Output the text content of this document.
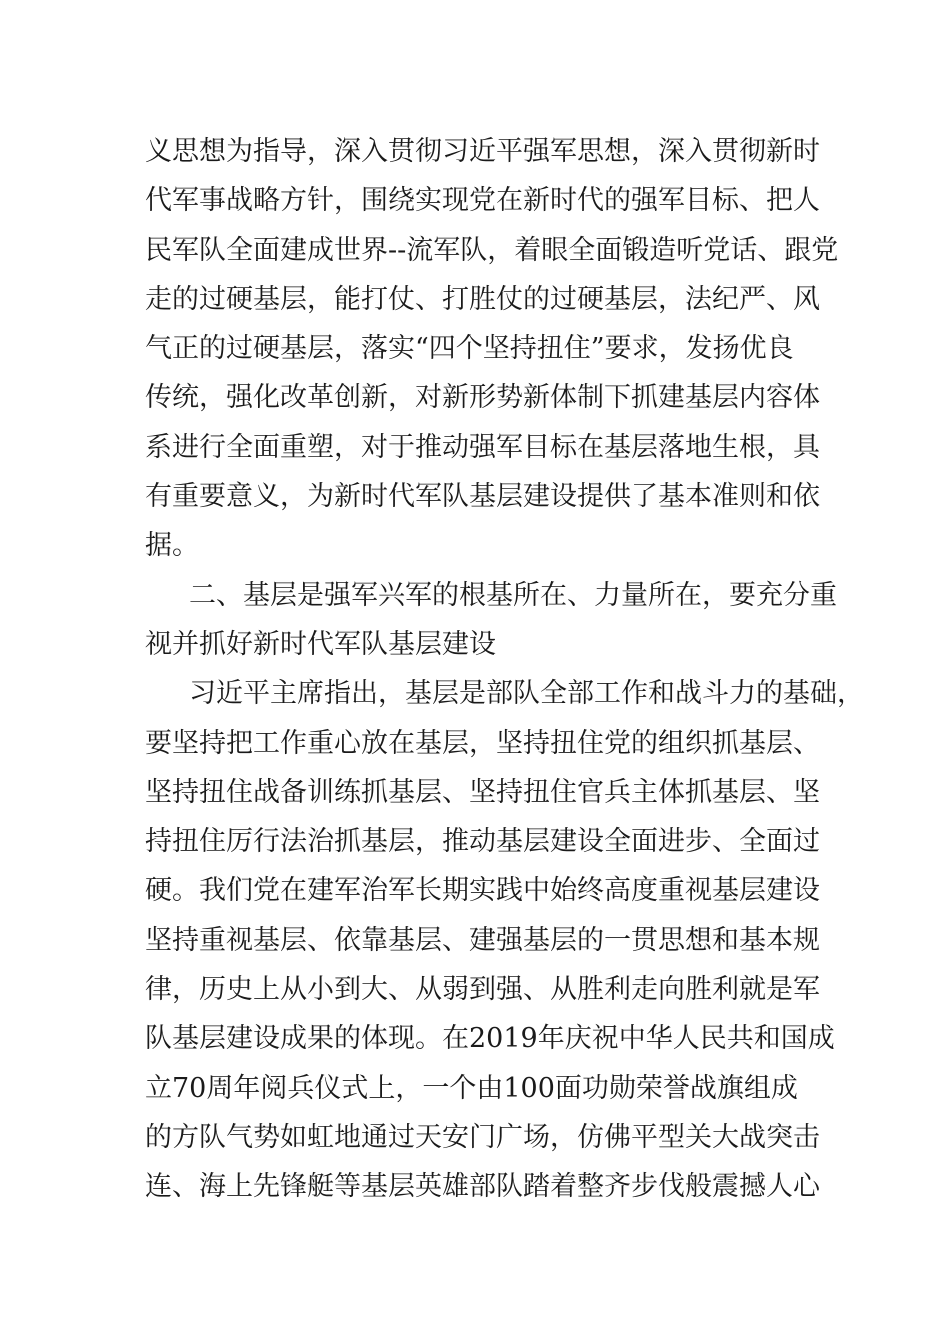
义思想为指导，深入贯彻习近平强军思想，深入贯彻新时
代军事战略方针，围绕实现党在新时代的强军目标、把人
民军队全面建成世界--流军队，着眼全面锻造听党话、跟党
走的过硬基层，能打仗、打胜仗的过硬基层，法纪严、风
气正的过硬基层，落实“四个坚持扭住”要求，发扬优良
传统，强化改革创新，对新形势新体制下抓建基层内容体
系进行全面重塑，对于推动强军目标在基层落地生根，具
有重要意义，为新时代军队基层建设提供了基本准则和依
据。
二、基层是强军兴军的根基所在、力量所在，要充分重
视并抓好新时代军队基层建设
习近平主席指出，基层是部队全部工作和战斗力的基础，
要坚持把工作重心放在基层，坚持扭住党的组织抓基层、
坚持扭住战备训练抓基层、坚持扭住官兵主体抓基层、坚
持扭住厉行法治抓基层，推动基层建设全面进步、全面过
硬。我们党在建军治军长期实践中始终高度重视基层建设
坚持重视基层、依靠基层、建强基层的一贯思想和基本规
律，历史上从小到大、从弱到强、从胜利走向胜利就是军
队基层建设成果的体现。在2019年庆祝中华人民共和国成
立70周年阅兵仪式上，一个由100面功勋荣誉战旗组成
的方队气势如虹地通过天安门广场，仿佛平型关大战突击
连、海上先锋艇等基层英雄部队踏着整齐步伐般震撼人心
